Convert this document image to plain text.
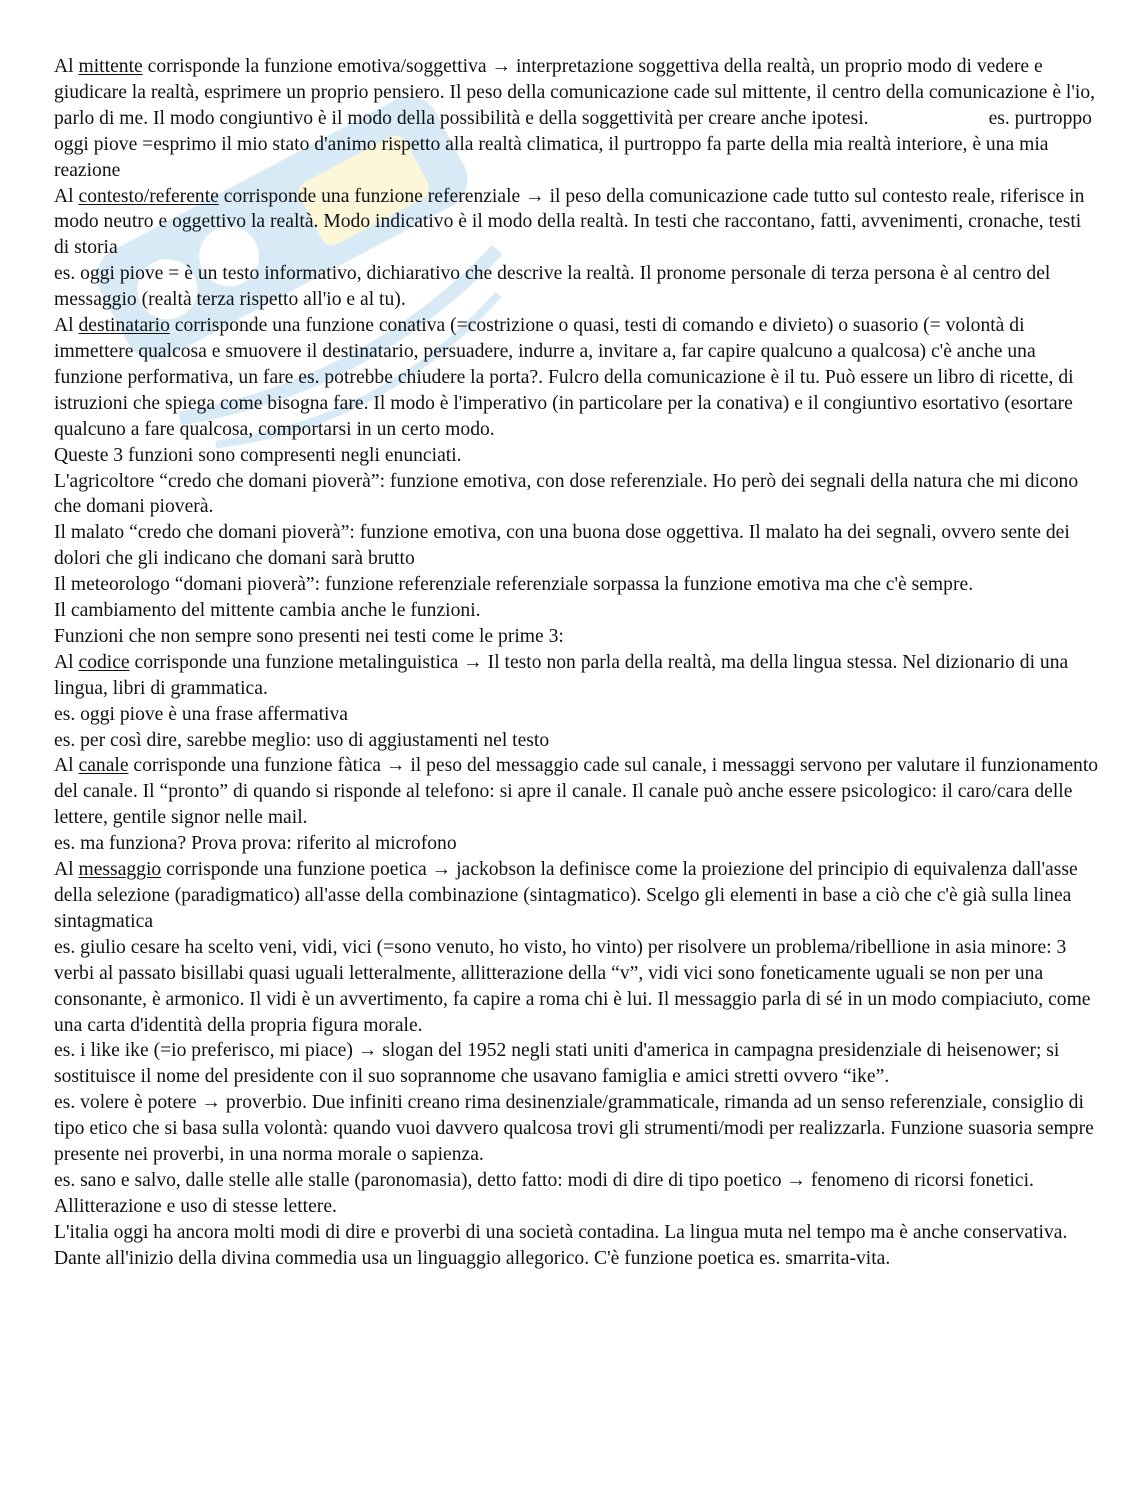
Al mittente corrisponde la funzione emotiva/soggettiva → interpretazione soggettiva della realtà, un proprio modo di vedere e giudicare la realtà, esprimere un proprio pensiero. Il peso della comunicazione cade sul mittente, il centro della comunicazione è l'io, parlo di me. Il modo congiuntivo è il modo della possibilità e della soggettività per creare anche ipotesi.	es. purtroppo oggi piove =esprimo il mio stato d'animo rispetto alla realtà climatica, il purtroppo fa parte della mia realtà interiore, è una mia reazione

Al contesto/referente corrisponde una funzione referenziale → il peso della comunicazione cade tutto sul contesto reale, riferisce in modo neutro e oggettivo la realtà. Modo indicativo è il modo della realtà. In testi che raccontano, fatti, avvenimenti, cronache, testi di storia

es. oggi piove = è un testo informativo, dichiarativo che descrive la realtà. Il pronome personale di terza persona è al centro del messaggio (realtà terza rispetto all'io e al tu).

Al destinatario corrisponde una funzione conativa (=costrizione o quasi, testi di comando e divieto) o suasorio (= volontà di immettere qualcosa e smuovere il destinatario, persuadere, indurre a, invitare a, far capire qualcuno a qualcosa) c'è anche una funzione performativa, un fare es. potrebbe chiudere la porta?. Fulcro della comunicazione è il tu. Può essere un libro di ricette, di istruzioni che spiega come bisogna fare. Il modo è l'imperativo (in particolare per la conativa) e il congiuntivo esortativo (esortare qualcuno a fare qualcosa, comportarsi in un certo modo.

Queste 3 funzioni sono compresenti negli enunciati.

L'agricoltore “credo che domani pioverà”: funzione emotiva, con dose referenziale. Ho però dei segnali della natura che mi dicono che domani pioverà.

Il malato “credo che domani pioverà”: funzione emotiva, con una buona dose oggettiva. Il malato ha dei segnali, ovvero sente dei dolori che gli indicano che domani sarà brutto

Il meteorologo “domani pioverà”: funzione referenziale referenziale sorpassa la funzione emotiva ma che c'è sempre.

Il cambiamento del mittente cambia anche le funzioni.

Funzioni che non sempre sono presenti nei testi come le prime 3:

Al codice corrisponde una funzione metalinguistica → Il testo non parla della realtà, ma della lingua stessa. Nel dizionario di una lingua, libri di grammatica.

es. oggi piove è una frase affermativa

es. per così dire, sarebbe meglio: uso di aggiustamenti nel testo

Al canale corrisponde una funzione fàtica → il peso del messaggio cade sul canale, i messaggi servono per valutare il funzionamento del canale. Il “pronto” di quando si risponde al telefono: si apre il canale. Il canale può anche essere psicologico: il caro/cara delle lettere, gentile signor nelle mail.

es. ma funziona? Prova prova: riferito al microfono

Al messaggio corrisponde una funzione poetica → jackobson la definisce come la proiezione del principio di equivalenza dall'asse della selezione (paradigmatico) all'asse della combinazione (sintagmatico). Scelgo gli elementi in base a ciò che c'è già sulla linea sintagmatica

es. giulio cesare ha scelto veni, vidi, vici (=sono venuto, ho visto, ho vinto) per risolvere un problema/ribellione in asia minore: 3 verbi al passato bisillabi quasi uguali letteralmente, allitterazione della “v”, vidi vici sono foneticamente uguali se non per una consonante, è armonico. Il vidi è un avvertimento, fa capire a roma chi è lui. Il messaggio parla di sé in un modo compiaciuto, come una carta d'identità della propria figura morale.

es. i like ike (=io preferisco, mi piace) → slogan del 1952 negli stati uniti d'america in campagna presidenziale di heisenower; si sostituisce il nome del presidente con il suo soprannome che usavano famiglia e amici stretti ovvero “ike”.

es. volere è potere → proverbio. Due infiniti creano rima desinenziale/grammaticale, rimanda ad un senso referenziale, consiglio di tipo etico che si basa sulla volontà: quando vuoi davvero qualcosa trovi gli strumenti/modi per realizzarla. Funzione suasoria sempre presente nei proverbi, in una norma morale o sapienza.

es. sano e salvo, dalle stelle alle stalle (paronomasia), detto fatto: modi di dire di tipo poetico → fenomeno di ricorsi fonetici. Allitterazione e uso di stesse lettere.

L'italia oggi ha ancora molti modi di dire e proverbi di una società contadina. La lingua muta nel tempo ma è anche conservativa.

Dante all'inizio della divina commedia usa un linguaggio allegorico. C'è funzione poetica es. smarrita-vita.
